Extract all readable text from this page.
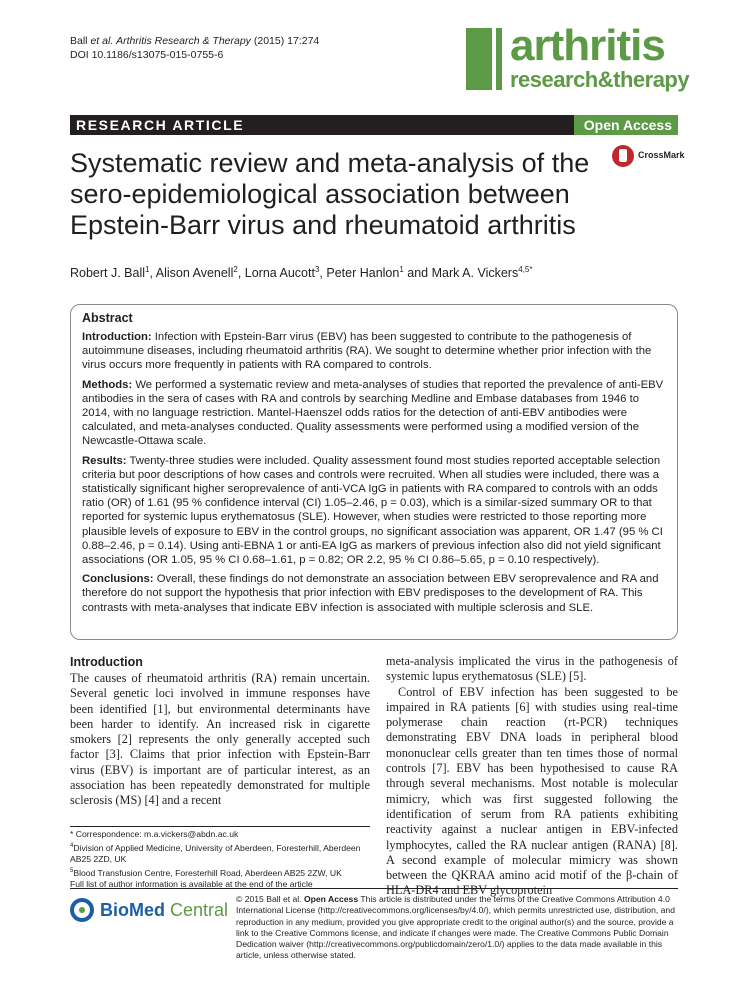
Ball et al. Arthritis Research & Therapy (2015) 17:274
DOI 10.1186/s13075-015-0755-6	arthritis
research&therapy
RESEARCH ARTICLE	Open Access
Systematic review and meta-analysis of the sero-epidemiological association between Epstein-Barr virus and rheumatoid arthritis
CrossMark
Robert J. Ball$^1$, Alison Avenell$^2$, Lorna Aucott$^3$, Peter Hanlon$^1$ and Mark A. Vickers$^{4,5*}$
Abstract

Introduction: Infection with Epstein-Barr virus (EBV) has been suggested to contribute to the pathogenesis of autoimmune diseases, including rheumatoid arthritis (RA). We sought to determine whether prior infection with the virus occurs more frequently in patients with RA compared to controls.

Methods: We performed a systematic review and meta-analyses of studies that reported the prevalence of anti-EBV antibodies in the sera of cases with RA and controls by searching Medline and Embase databases from 1946 to 2014, with no language restriction. Mantel-Haenszel odds ratios for the detection of anti-EBV antibodies were calculated, and meta-analyses conducted. Quality assessments were performed using a modified version of the Newcastle-Ottawa scale.

Results: Twenty-three studies were included. Quality assessment found most studies reported acceptable selection criteria but poor descriptions of how cases and controls were recruited. When all studies were included, there was a statistically significant higher seroprevalence of anti-VCA IgG in patients with RA compared to controls with an odds ratio (OR) of 1.61 (95 % confidence interval (CI) 1.05–2.46, p = 0.03), which is a similar-sized summary OR to that reported for systemic lupus erythematosus (SLE). However, when studies were restricted to those reporting more plausible levels of exposure to EBV in the control groups, no significant association was apparent, OR 1.47 (95 % CI 0.88–2.46, p = 0.14). Using anti-EBNA 1 or anti-EA IgG as markers of previous infection also did not yield significant associations (OR 1.05, 95 % CI 0.68–1.61, p = 0.82; OR 2.2, 95 % CI 0.86–5.65, p = 0.10 respectively).

Conclusions: Overall, these findings do not demonstrate an association between EBV seroprevalence and RA and therefore do not support the hypothesis that prior infection with EBV predisposes to the development of RA. This contrasts with meta-analyses that indicate EBV infection is associated with multiple sclerosis and SLE.

Introduction

The causes of rheumatoid arthritis (RA) remain uncertain. Several genetic loci involved in immune responses have been identified [1], but environmental determinants have been harder to identify. An increased risk in cigarette smokers [2] represents the only generally accepted such factor [3]. Claims that prior infection with Epstein-Barr virus (EBV) is important are of particular interest, as an association has been repeatedly demonstrated for multiple sclerosis (MS) [4] and a recent

meta-analysis implicated the virus in the pathogenesis of systemic lupus erythematosus (SLE) [5].

Control of EBV infection has been suggested to be impaired in RA patients [6] with studies using real-time polymerase chain reaction (rt-PCR) techniques demonstrating EBV DNA loads in peripheral blood mononuclear cells greater than ten times those of normal controls [7]. EBV has been hypothesised to cause RA through several mechanisms. Most notable is molecular mimicry, which was first suggested following the identification of serum from RA patients exhibiting reactivity against a nuclear antigen in EBV-infected lymphocytes, called the RA nuclear antigen (RANA) [8]. A second example of molecular mimicry was shown between the QKRAA amino acid motif of the β-chain of HLA-DR4 and EBV glycoprotein

* Correspondence: m.a.vickers@abdn.ac.uk

$^4$Division of Applied Medicine, University of Aberdeen, Foresterhill, Aberdeen AB25 2ZD, UK

$^5$Blood Transfusion Centre, Foresterhill Road, Aberdeen AB25 2ZW, UK

Full list of author information is available at the end of the article

BioMed Central
© 2015 Ball et al. Open Access This article is distributed under the terms of the Creative Commons Attribution 4.0 International License (http://creativecommons.org/licenses/by/4.0/), which permits unrestricted use, distribution, and reproduction in any medium, provided you give appropriate credit to the original author(s) and the source, provide a link to the Creative Commons license, and indicate if changes were made. The Creative Commons Public Domain Dedication waiver (http://creativecommons.org/publicdomain/zero/1.0/) applies to the data made available in this article, unless otherwise stated.
